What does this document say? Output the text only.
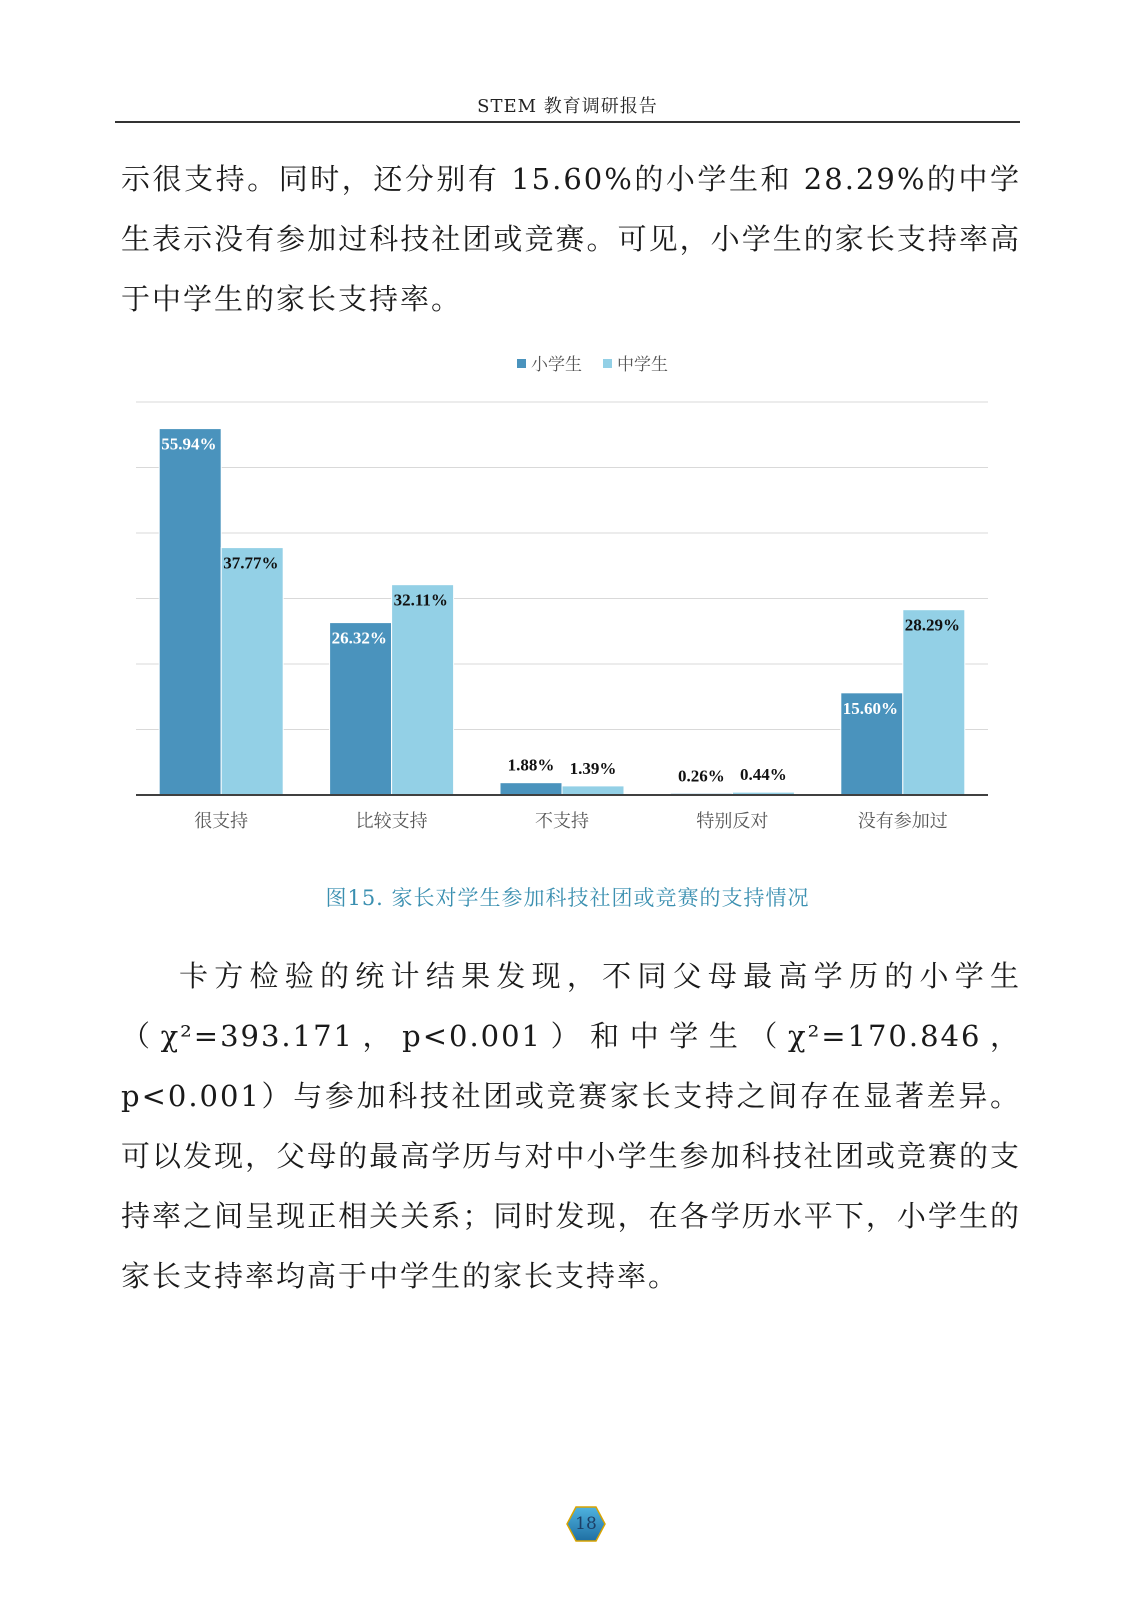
STEM 教育调研报告

示很支持。同时，还分别有 15.60%的小学生和 28.29%的中学生表示没有参加过科技社团或竞赛。可见，小学生的家长支持率高于中学生的家长支持率。

小学生 中学生
55.94%
37.77%
很支持
26.32%
32.11%
比较支持
1.88% 1.39%
不支持
0.26% 0.44%
特别反对
15.60%
28.29%
没有参加过
图15. 家长对学生参加科技社团或竞赛的支持情况

卡方检验的统计结果发现，不同父母最高学历的小学生（χ²=393.171，p<0.001）和中学生（χ²=170.846，p<0.001）与参加科技社团或竞赛家长支持之间存在显著差异。可以发现，父母的最高学历与对中小学生参加科技社团或竞赛的支持率之间呈现正相关关系；同时发现，在各学历水平下，小学生的家长支持率均高于中学生的家长支持率。

18
